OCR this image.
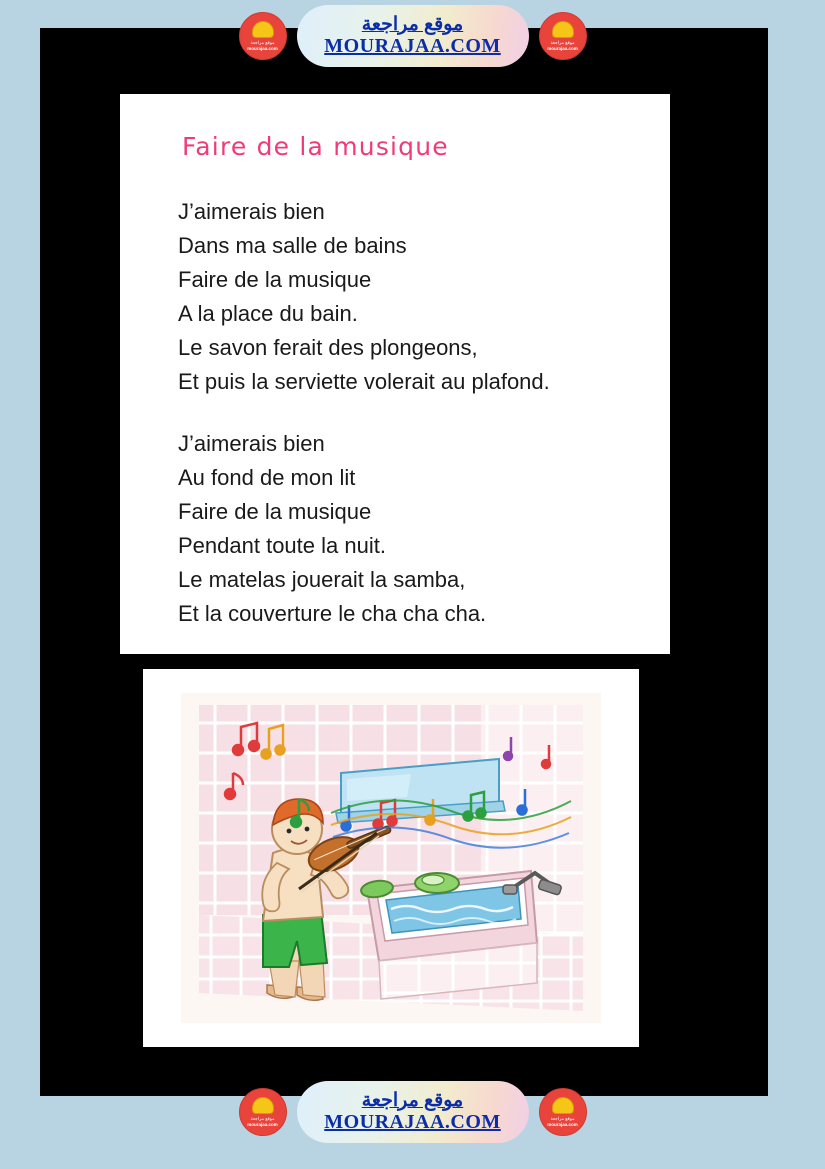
Faire de la musique
J’aimerais bien
Dans ma salle de bains
Faire de la musique
A la place du bain.
Le savon ferait des plongeons,
Et puis la serviette volerait au plafond.
J’aimerais bien
Au fond de mon lit
Faire de la musique
Pendant toute la nuit.
Le matelas jouerait la samba,
Et la couverture le cha cha cha.
موقع مراجعة
mourajaa.com
موقع مراجعة
MOURAJAA.COM	موقع مراجعة
mourajaa.com
موقع مراجعة
mourajaa.com
موقع مراجعة
MOURAJAA.COM	موقع مراجعة
mourajaa.com
